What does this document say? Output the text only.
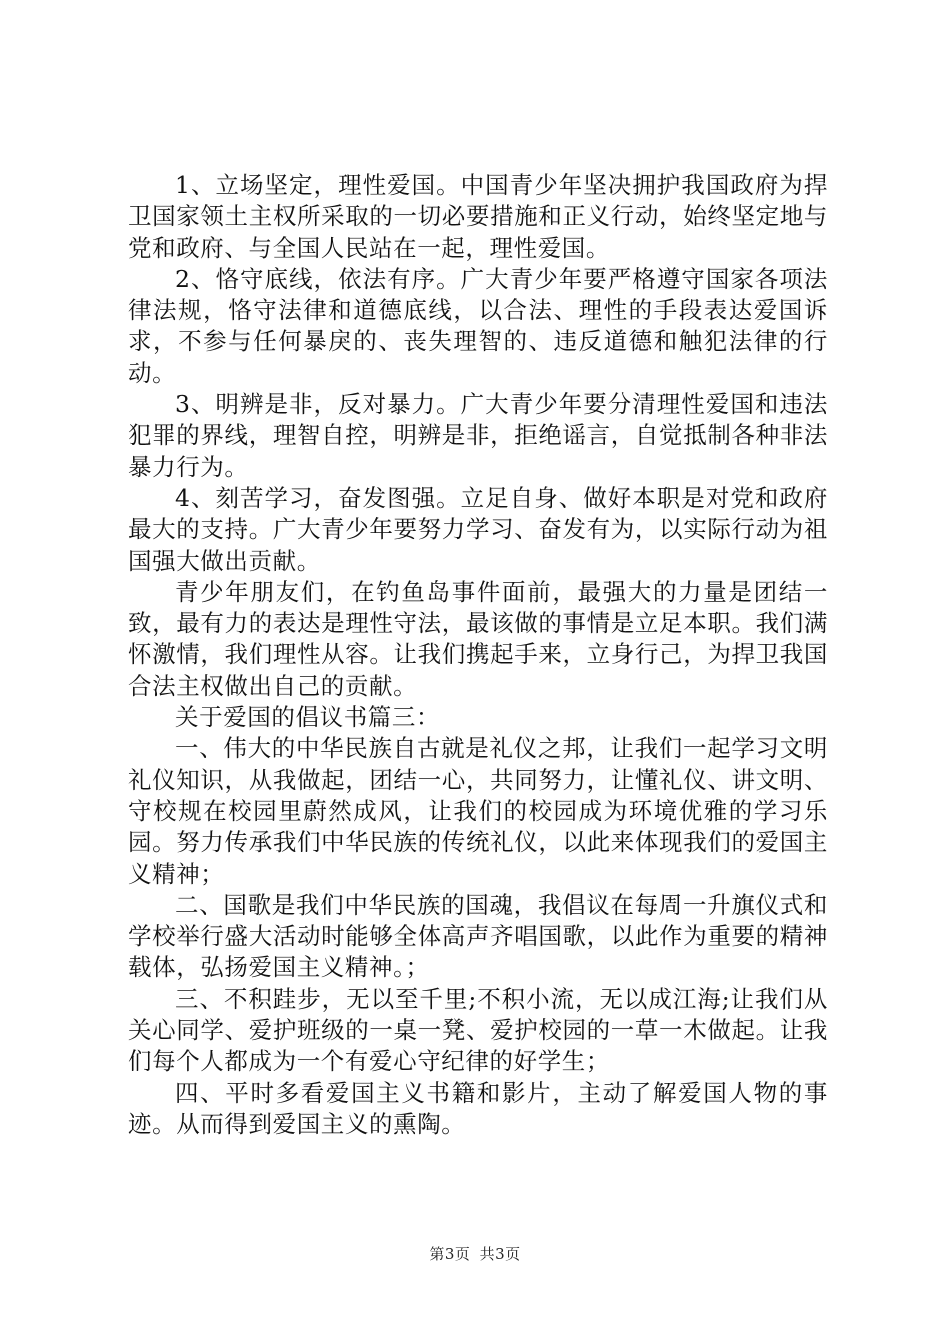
1、立场坚定，理性爱国。中国青少年坚决拥护我国政府为捍卫国家领土主权所采取的一切必要措施和正义行动，始终坚定地与党和政府、与全国人民站在一起，理性爱国。

2、恪守底线，依法有序。广大青少年要严格遵守国家各项法律法规，恪守法律和道德底线，以合法、理性的手段表达爱国诉求，不参与任何暴戾的、丧失理智的、违反道德和触犯法律的行动。

3、明辨是非，反对暴力。广大青少年要分清理性爱国和违法犯罪的界线，理智自控，明辨是非，拒绝谣言，自觉抵制各种非法暴力行为。

4、刻苦学习，奋发图强。立足自身、做好本职是对党和政府最大的支持。广大青少年要努力学习、奋发有为，以实际行动为祖国强大做出贡献。

青少年朋友们，在钓鱼岛事件面前，最强大的力量是团结一致，最有力的表达是理性守法，最该做的事情是立足本职。我们满怀激情，我们理性从容。让我们携起手来，立身行己，为捍卫我国合法主权做出自己的贡献。

关于爱国的倡议书篇三：

一、伟大的中华民族自古就是礼仪之邦，让我们一起学习文明礼仪知识，从我做起，团结一心，共同努力，让懂礼仪、讲文明、守校规在校园里蔚然成风，让我们的校园成为环境优雅的学习乐园。努力传承我们中华民族的传统礼仪，以此来体现我们的爱国主义精神；

二、国歌是我们中华民族的国魂，我倡议在每周一升旗仪式和学校举行盛大活动时能够全体高声齐唱国歌，以此作为重要的精神载体，弘扬爱国主义精神。；

三、不积跬步，无以至千里;不积小流，无以成江海;让我们从关心同学、爱护班级的一桌一凳、爱护校园的一草一木做起。让我们每个人都成为一个有爱心守纪律的好学生；

四、平时多看爱国主义书籍和影片，主动了解爱国人物的事迹。从而得到爱国主义的熏陶。

第3页 共3页
